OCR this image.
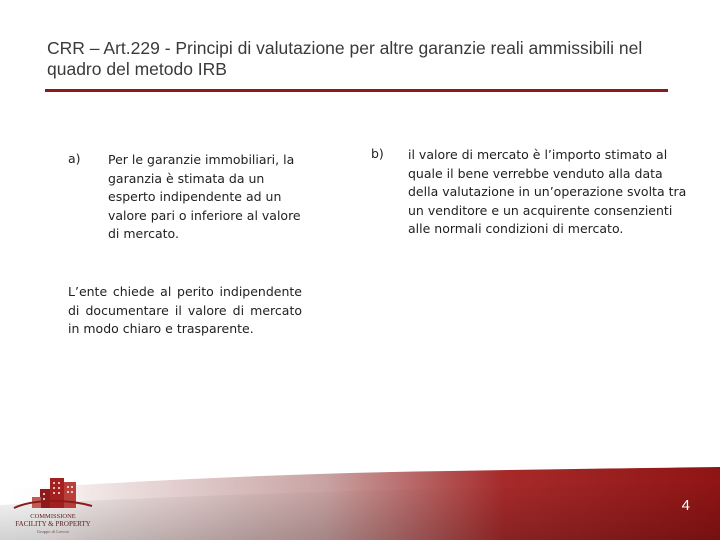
CRR – Art.229 - Principi di valutazione per altre garanzie reali ammissibili nel quadro del metodo IRB
a) Per le garanzie immobiliari, la garanzia è stimata da un esperto indipendente ad un valore pari o inferiore al valore di mercato.
b) il valore di mercato è l’importo stimato al quale il bene verrebbe venduto alla data della valutazione in un’operazione svolta tra un venditore e un acquirente consenzienti alle normali condizioni di mercato.
L’ente chiede al perito indipendente di documentare il valore di mercato in modo chiaro e trasparente.
COMMISSIONE
FACILITY & PROPERTY
Gruppo di Lavoro
4
